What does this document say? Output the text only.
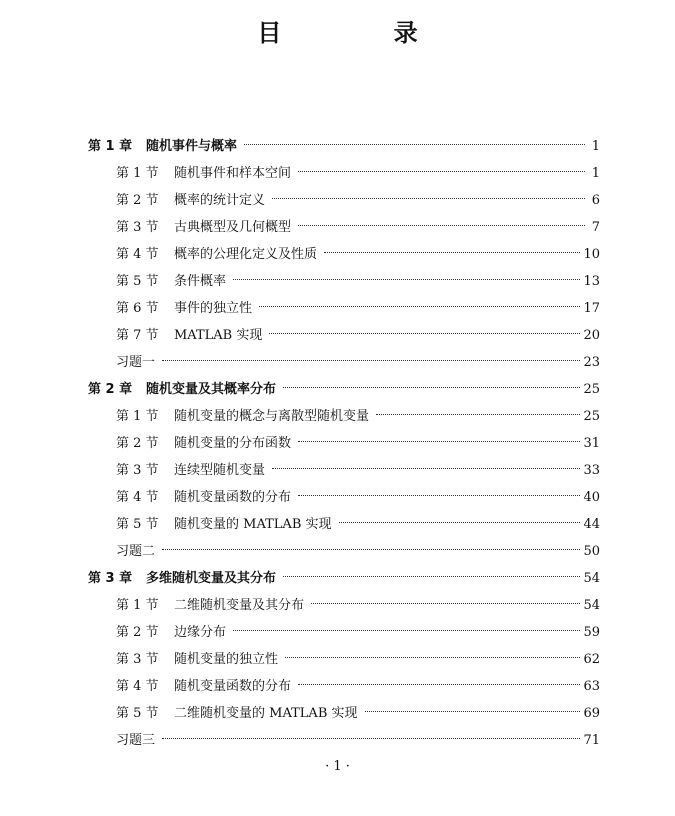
目 录
第 1 章	随机事件与概率	1
第 1 节	随机事件和样本空间	1
第 2 节	概率的统计定义	6
第 3 节	古典概型及几何概型	7
第 4 节	概率的公理化定义及性质	10
第 5 节	条件概率	13
第 6 节	事件的独立性	17
第 7 节	MATLAB 实现	20
习题一	23
第 2 章	随机变量及其概率分布	25
第 1 节	随机变量的概念与离散型随机变量	25
第 2 节	随机变量的分布函数	31
第 3 节	连续型随机变量	33
第 4 节	随机变量函数的分布	40
第 5 节	随机变量的 MATLAB 实现	44
习题二	50
第 3 章	多维随机变量及其分布	54
第 1 节	二维随机变量及其分布	54
第 2 节	边缘分布	59
第 3 节	随机变量的独立性	62
第 4 节	随机变量函数的分布	63
第 5 节	二维随机变量的 MATLAB 实现	69
习题三	71
· 1 ·
